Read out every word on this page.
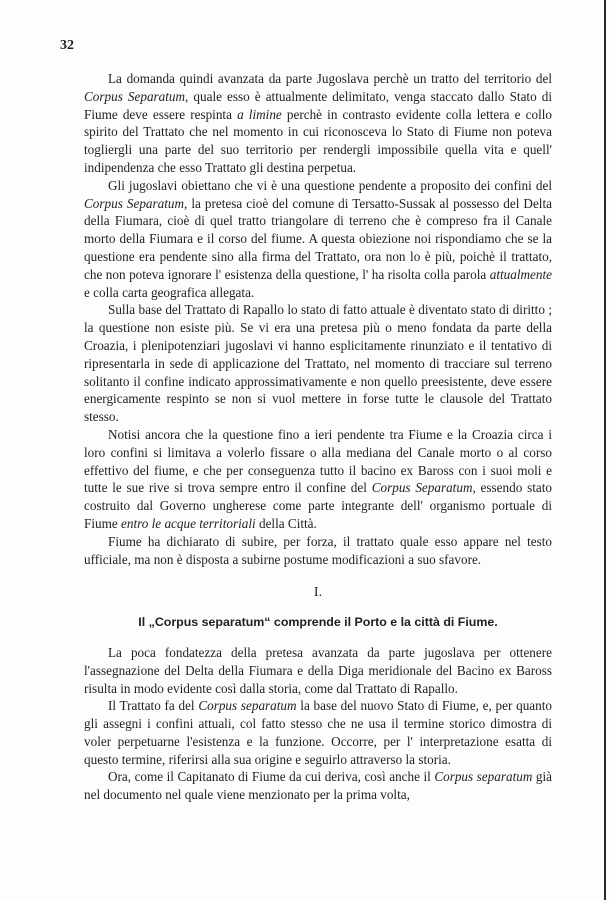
32

La domanda quindi avanzata da parte Jugoslava perchè un tratto del territorio del Corpus Separatum, quale esso è attualmente delimitato, venga staccato dallo Stato di Fiume deve essere respinta a limine perchè in contrasto evidente colla lettera e collo spirito del Trattato che nel momento in cui riconosceva lo Stato di Fiume non poteva togliergli una parte del suo territorio per rendergli impossibile quella vita e quell' indipendenza che esso Trattato gli destina perpetua.

Gli jugoslavi obiettano che vi è una questione pendente a proposito dei confini del Corpus Separatum, la pretesa cioè del comune di Tersatto-Sussak al possesso del Delta della Fiumara, cioè di quel tratto triangolare di terreno che è compreso fra il Canale morto della Fiumara e il corso del fiume. A questa obiezione noi rispondiamo che se la questione era pendente sino alla firma del Trattato, ora non lo è più, poichè il trattato, che non poteva ignorare l' esistenza della questione, l' ha risolta colla parola attualmente e colla carta geografica allegata.

Sulla base del Trattato di Rapallo lo stato di fatto attuale è diventato stato di diritto ; la questione non esiste più. Se vi era una pretesa più o meno fondata da parte della Croazia, i plenipotenziari jugoslavi vi hanno esplicitamente rinunziato e il tentativo di ripresentarla in sede di applicazione del Trattato, nel momento di tracciare sul terreno solitanto il confine indicato approssimativamente e non quello preesistente, deve essere energicamente respinto se non si vuol mettere in forse tutte le clausole del Trattato stesso.

Notisi ancora che la questione fino a ieri pendente tra Fiume e la Croazia circa i loro confini si limitava a volerlo fissare o alla mediana del Canale morto o al corso effettivo del fiume, e che per conseguenza tutto il bacino ex Baross con i suoi moli e tutte le sue rive si trova sempre entro il confine del Corpus Separatum, essendo stato costruito dal Governo ungherese come parte integrante dell' organismo portuale di Fiume entro le acque territoriali della Città.

Fiume ha dichiarato di subire, per forza, il trattato quale esso appare nel testo ufficiale, ma non è disposta a subirne postume modificazioni a suo sfavore.

I.
Il „Corpus separatum“ comprende il Porto e la città di Fiume.

La poca fondatezza della pretesa avanzata da parte jugoslava per ottenere l'assegnazione del Delta della Fiumara e della Diga meridionale del Bacino ex Baross risulta in modo evidente così dalla storia, come dal Trattato di Rapallo.

Il Trattato fa del Corpus separatum la base del nuovo Stato di Fiume, e, per quanto gli assegni i confini attuali, col fatto stesso che ne usa il termine storico dimostra di voler perpetuarne l'esistenza e la funzione. Occorre, per l' interpretazione esatta di questo termine, riferirsi alla sua origine e seguirlo attraverso la storia.

Ora, come il Capitanato di Fiume da cui deriva, così anche il Corpus separatum già nel documento nel quale viene menzionato per la prima volta,
